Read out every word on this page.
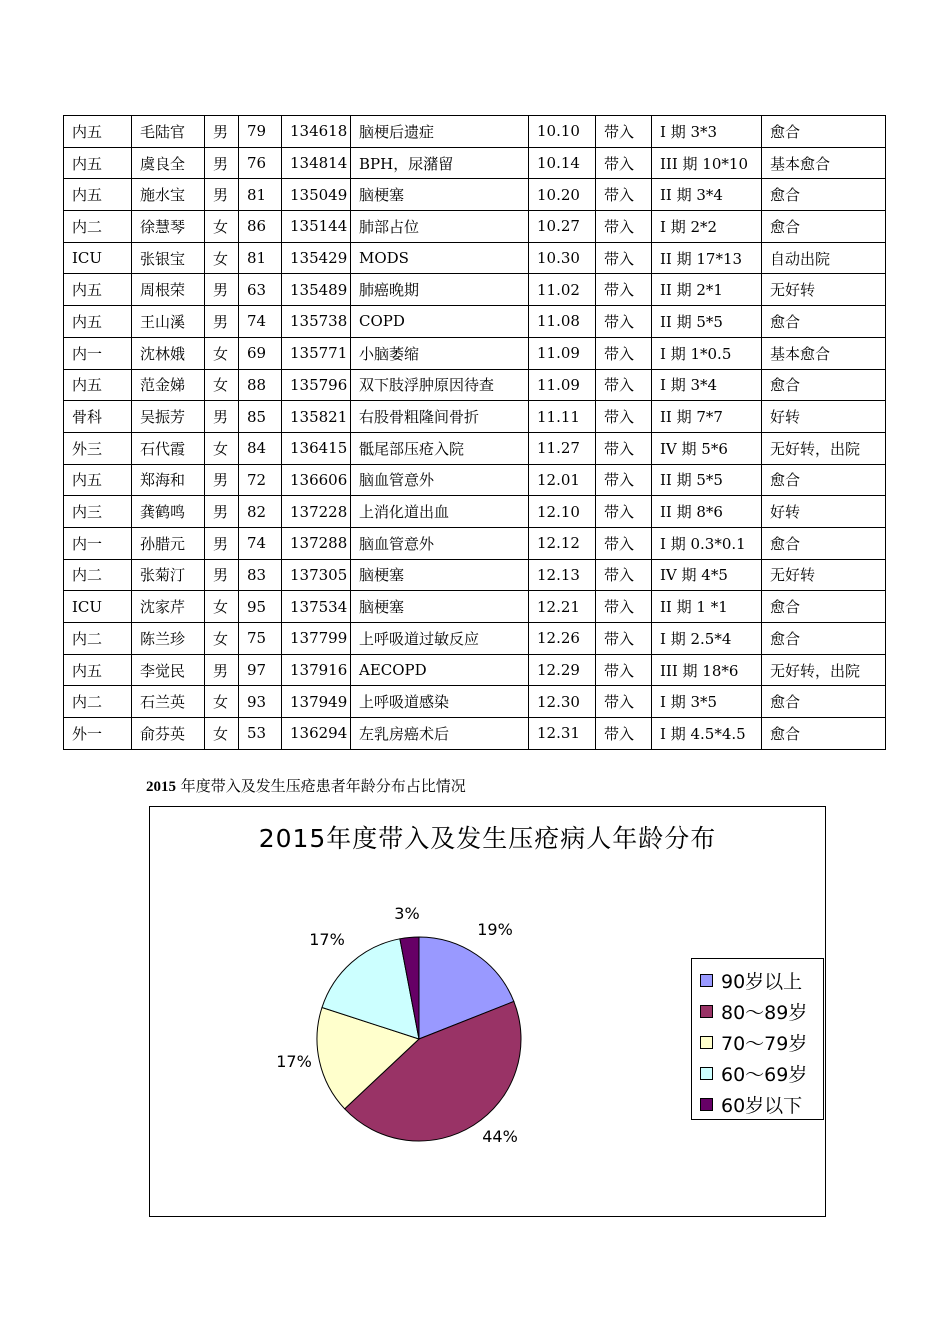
内五	毛陆官	男	79	134618	脑梗后遗症	10.10	带入	I 期 3*3	愈合
内五	虞良全	男	76	134814	BPH，尿潴留	10.14	带入	III 期 10*10	基本愈合
内五	施水宝	男	81	135049	脑梗塞	10.20	带入	II 期 3*4	愈合
内二	徐慧琴	女	86	135144	肺部占位	10.27	带入	I 期 2*2	愈合
ICU	张银宝	女	81	135429	MODS	10.30	带入	II 期 17*13	自动出院
内五	周根荣	男	63	135489	肺癌晚期	11.02	带入	II 期 2*1	无好转
内五	王山溪	男	74	135738	COPD	11.08	带入	II 期 5*5	愈合
内一	沈林娥	女	69	135771	小脑萎缩	11.09	带入	I 期 1*0.5	基本愈合
内五	范金娣	女	88	135796	双下肢浮肿原因待查	11.09	带入	I 期 3*4	愈合
骨科	吴振芳	男	85	135821	右股骨粗隆间骨折	11.11	带入	II 期 7*7	好转
外三	石代霞	女	84	136415	骶尾部压疮入院	11.27	带入	IV 期 5*6	无好转，出院
内五	郑海和	男	72	136606	脑血管意外	12.01	带入	II 期 5*5	愈合
内三	龚鹤鸣	男	82	137228	上消化道出血	12.10	带入	II 期 8*6	好转
内一	孙腊元	男	74	137288	脑血管意外	12.12	带入	I 期 0.3*0.1	愈合
内二	张菊汀	男	83	137305	脑梗塞	12.13	带入	IV 期 4*5	无好转
ICU	沈家芹	女	95	137534	脑梗塞	12.21	带入	II 期 1 *1	愈合
内二	陈兰珍	女	75	137799	上呼吸道过敏反应	12.26	带入	I 期 2.5*4	愈合
内五	李觉民	男	97	137916	AECOPD	12.29	带入	III 期 18*6	无好转，出院
内二	石兰英	女	93	137949	上呼吸道感染	12.30	带入	I 期 3*5	愈合
外一	俞芬英	女	53	136294	左乳房癌术后	12.31	带入	I 期 4.5*4.5	愈合
2015 年度带入及发生压疮患者年龄分布占比情况
2015年度带入及发生压疮病人年龄分布
19%
44%
17%
17%
3%
90岁以上
80～89岁
70～79岁
60～69岁
60岁以下
